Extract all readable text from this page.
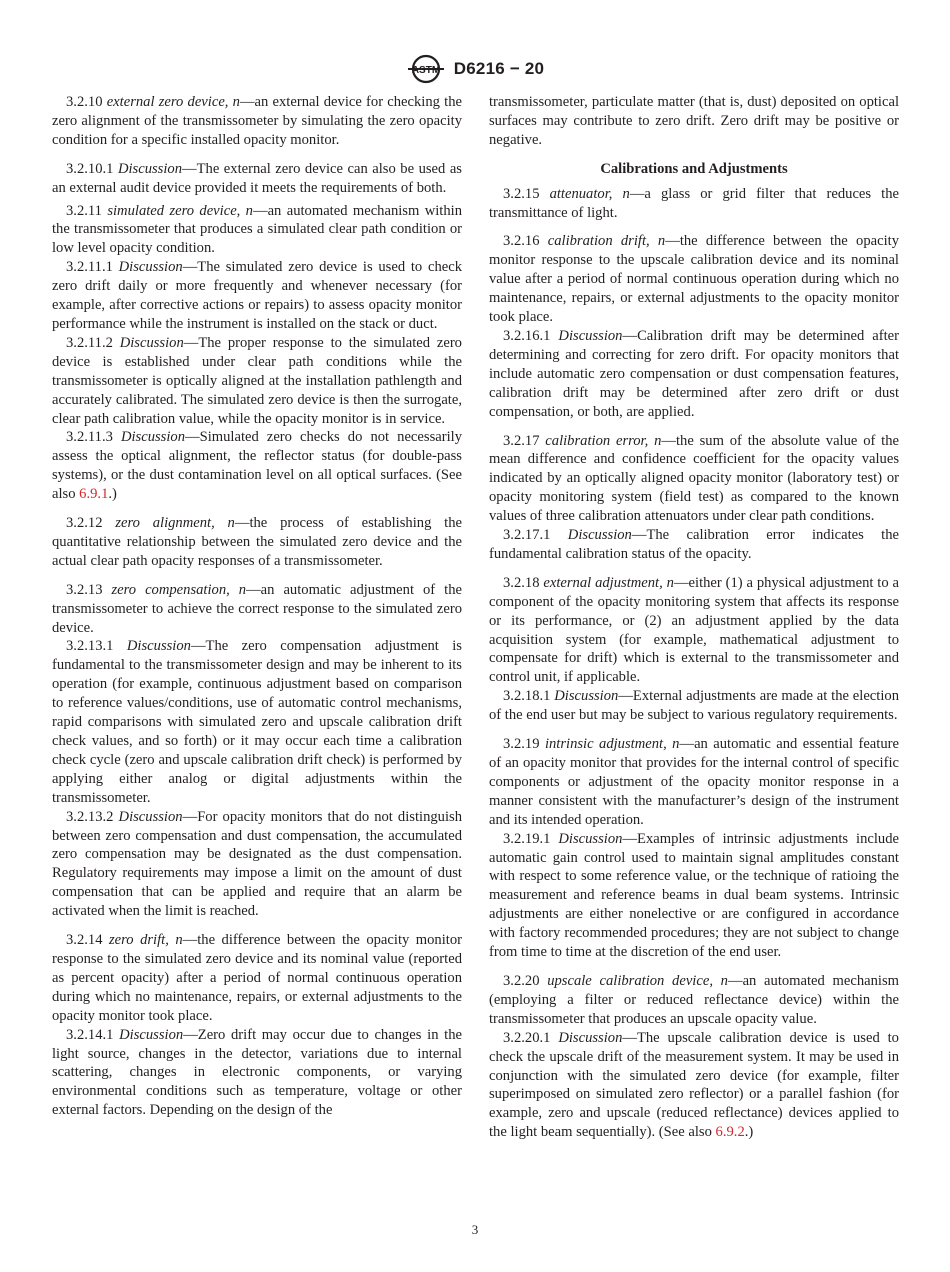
ASTM D6216 − 20

3.2.10 external zero device, n—an external device for checking the zero alignment of the transmissometer by simulating the zero opacity condition for a specific installed opacity monitor.

3.2.10.1 Discussion—The external zero device can also be used as an external audit device provided it meets the requirements of both.

3.2.11 simulated zero device, n—an automated mechanism within the transmissometer that produces a simulated clear path condition or low level opacity condition.

3.2.11.1 Discussion—The simulated zero device is used to check zero drift daily or more frequently and whenever necessary (for example, after corrective actions or repairs) to assess opacity monitor performance while the instrument is installed on the stack or duct.

3.2.11.2 Discussion—The proper response to the simulated zero device is established under clear path conditions while the transmissometer is optically aligned at the installation pathlength and accurately calibrated. The simulated zero device is then the surrogate, clear path calibration value, while the opacity monitor is in service.

3.2.11.3 Discussion—Simulated zero checks do not necessarily assess the optical alignment, the reflector status (for double-pass systems), or the dust contamination level on all optical surfaces. (See also 6.9.1.)

3.2.12 zero alignment, n—the process of establishing the quantitative relationship between the simulated zero device and the actual clear path opacity responses of a transmissometer.

3.2.13 zero compensation, n—an automatic adjustment of the transmissometer to achieve the correct response to the simulated zero device.

3.2.13.1 Discussion—The zero compensation adjustment is fundamental to the transmissometer design and may be inherent to its operation (for example, continuous adjustment based on comparison to reference values/conditions, use of automatic control mechanisms, rapid comparisons with simulated zero and upscale calibration drift check values, and so forth) or it may occur each time a calibration check cycle (zero and upscale calibration drift check) is performed by applying either analog or digital adjustments within the transmissometer.

3.2.13.2 Discussion—For opacity monitors that do not distinguish between zero compensation and dust compensation, the accumulated zero compensation may be designated as the dust compensation. Regulatory requirements may impose a limit on the amount of dust compensation that can be applied and require that an alarm be activated when the limit is reached.

3.2.14 zero drift, n—the difference between the opacity monitor response to the simulated zero device and its nominal value (reported as percent opacity) after a period of normal continuous operation during which no maintenance, repairs, or external adjustments to the opacity monitor took place.

3.2.14.1 Discussion—Zero drift may occur due to changes in the light source, changes in the detector, variations due to internal scattering, changes in electronic components, or varying environmental conditions such as temperature, voltage or other external factors. Depending on the design of the

transmissometer, particulate matter (that is, dust) deposited on optical surfaces may contribute to zero drift. Zero drift may be positive or negative.

Calibrations and Adjustments

3.2.15 attenuator, n—a glass or grid filter that reduces the transmittance of light.

3.2.16 calibration drift, n—the difference between the opacity monitor response to the upscale calibration device and its nominal value after a period of normal continuous operation during which no maintenance, repairs, or external adjustments to the opacity monitor took place.

3.2.16.1 Discussion—Calibration drift may be determined after determining and correcting for zero drift. For opacity monitors that include automatic zero compensation or dust compensation features, calibration drift may be determined after zero drift or dust compensation, or both, are applied.

3.2.17 calibration error, n—the sum of the absolute value of the mean difference and confidence coefficient for the opacity values indicated by an optically aligned opacity monitor (laboratory test) or opacity monitoring system (field test) as compared to the known values of three calibration attenuators under clear path conditions.

3.2.17.1 Discussion—The calibration error indicates the fundamental calibration status of the opacity.

3.2.18 external adjustment, n—either (1) a physical adjustment to a component of the opacity monitoring system that affects its response or its performance, or (2) an adjustment applied by the data acquisition system (for example, mathematical adjustment to compensate for drift) which is external to the transmissometer and control unit, if applicable.

3.2.18.1 Discussion—External adjustments are made at the election of the end user but may be subject to various regulatory requirements.

3.2.19 intrinsic adjustment, n—an automatic and essential feature of an opacity monitor that provides for the internal control of specific components or adjustment of the opacity monitor response in a manner consistent with the manufacturer’s design of the instrument and its intended operation.

3.2.19.1 Discussion—Examples of intrinsic adjustments include automatic gain control used to maintain signal amplitudes constant with respect to some reference value, or the technique of ratioing the measurement and reference beams in dual beam systems. Intrinsic adjustments are either nonelective or are configured in accordance with factory recommended procedures; they are not subject to change from time to time at the discretion of the end user.

3.2.20 upscale calibration device, n—an automated mechanism (employing a filter or reduced reflectance device) within the transmissometer that produces an upscale opacity value.

3.2.20.1 Discussion—The upscale calibration device is used to check the upscale drift of the measurement system. It may be used in conjunction with the simulated zero device (for example, filter superimposed on simulated zero reflector) or a parallel fashion (for example, zero and upscale (reduced reflectance) devices applied to the light beam sequentially). (See also 6.9.2.)

3
